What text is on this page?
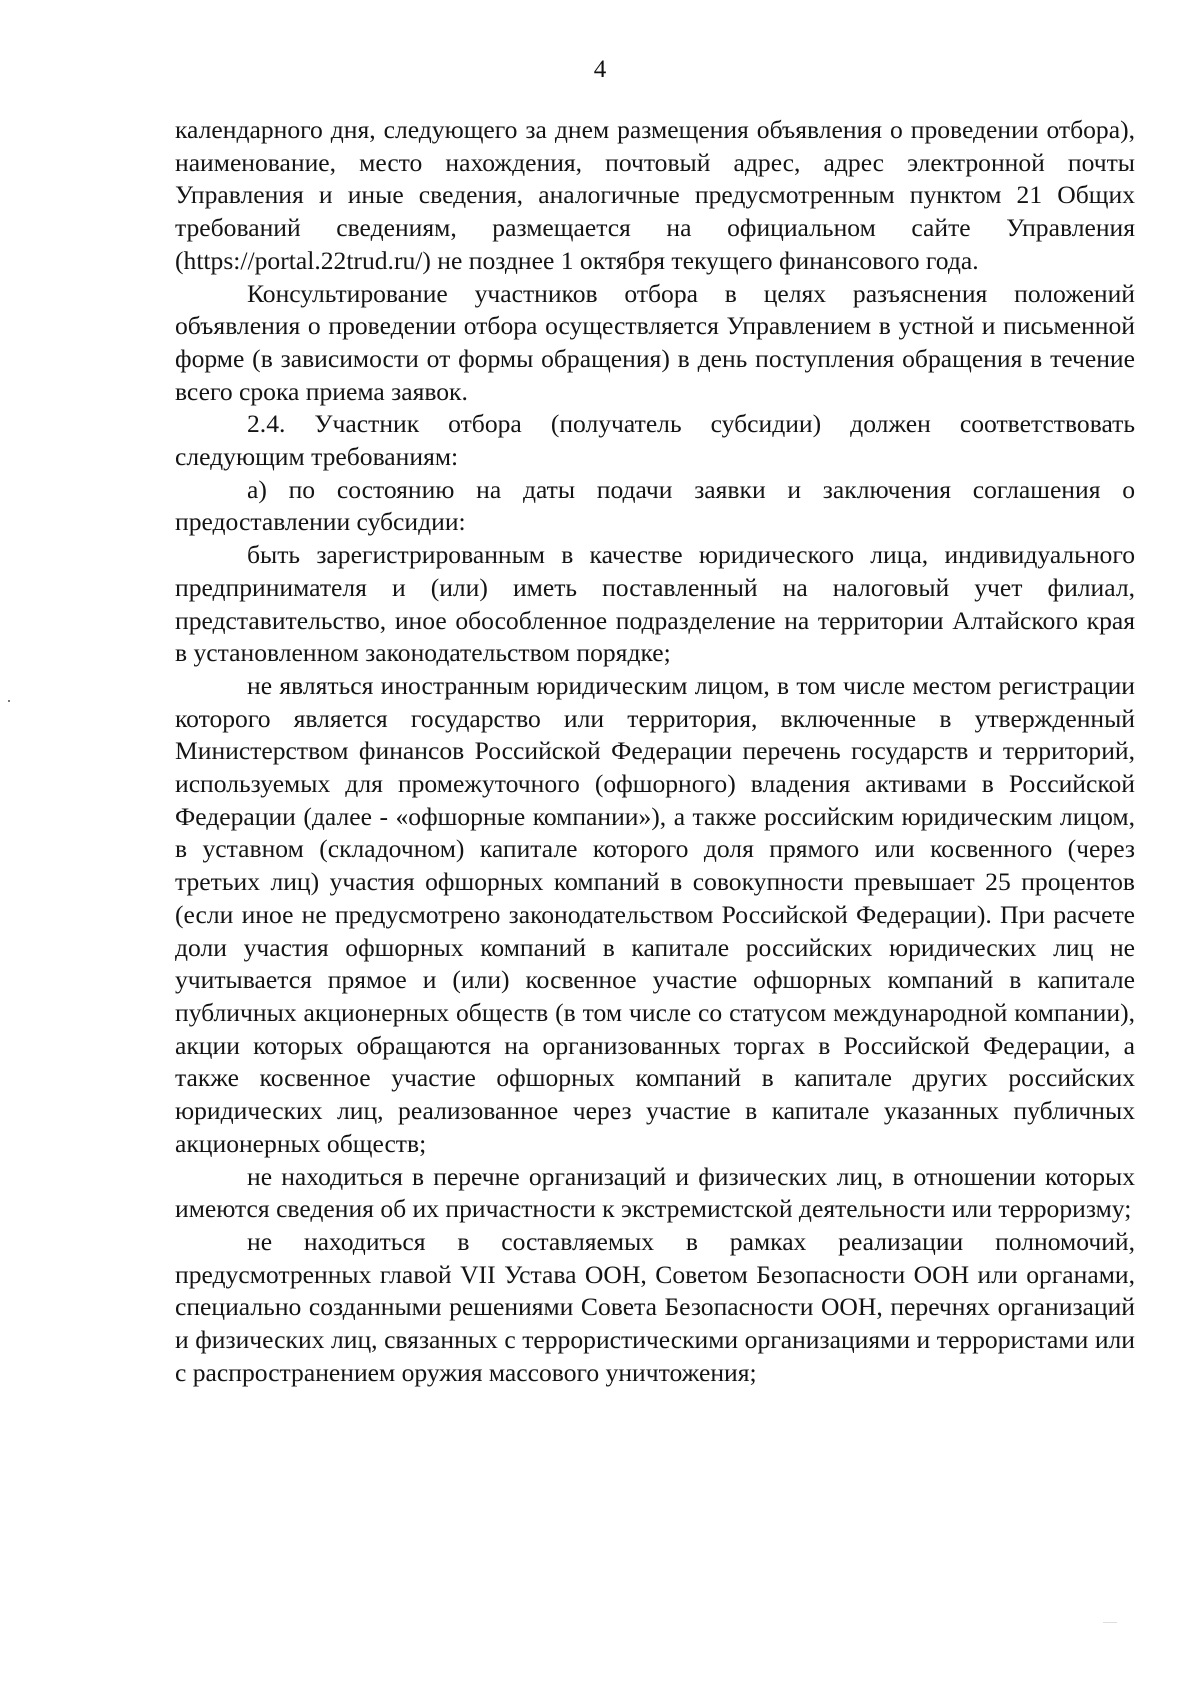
4

календарного дня, следующего за днем размещения объявления о проведении отбора), наименование, место нахождения, почтовый адрес, адрес электронной почты Управления и иные сведения, аналогичные предусмотренным пунктом 21 Общих требований сведениям, размещается на официальном сайте Управления (https://portal.22trud.ru/) не позднее 1 октября текущего финансового года.

Консультирование участников отбора в целях разъяснения положений объявления о проведении отбора осуществляется Управлением в устной и письменной форме (в зависимости от формы обращения) в день поступления обращения в течение всего срока приема заявок.

2.4. Участник отбора (получатель субсидии) должен соответствовать следующим требованиям:

а) по состоянию на даты подачи заявки и заключения соглашения о предоставлении субсидии:

быть зарегистрированным в качестве юридического лица, индивидуального предпринимателя и (или) иметь поставленный на налоговый учет филиал, представительство, иное обособленное подразделение на территории Алтайского края в установленном законодательством порядке;

не являться иностранным юридическим лицом, в том числе местом регистрации которого является государство или территория, включенные в утвержденный Министерством финансов Российской Федерации перечень государств и территорий, используемых для промежуточного (офшорного) владения активами в Российской Федерации (далее - «офшорные компании»), а также российским юридическим лицом, в уставном (складочном) капитале которого доля прямого или косвенного (через третьих лиц) участия офшорных компаний в совокупности превышает 25 процентов (если иное не предусмотрено законодательством Российской Федерации). При расчете доли участия офшорных компаний в капитале российских юридических лиц не учитывается прямое и (или) косвенное участие офшорных компаний в капитале публичных акционерных обществ (в том числе со статусом международной компании), акции которых обращаются на организованных торгах в Российской Федерации, а также косвенное участие офшорных компаний в капитале других российских юридических лиц, реализованное через участие в капитале указанных публичных акционерных обществ;

не находиться в перечне организаций и физических лиц, в отношении которых имеются сведения об их причастности к экстремистской деятельности или терроризму;

не находиться в составляемых в рамках реализации полномочий, предусмотренных главой VII Устава ООН, Советом Безопасности ООН или органами, специально созданными решениями Совета Безопасности ООН, перечнях организаций и физических лиц, связанных с террористическими организациями и террористами или с распространением оружия массового уничтожения;
